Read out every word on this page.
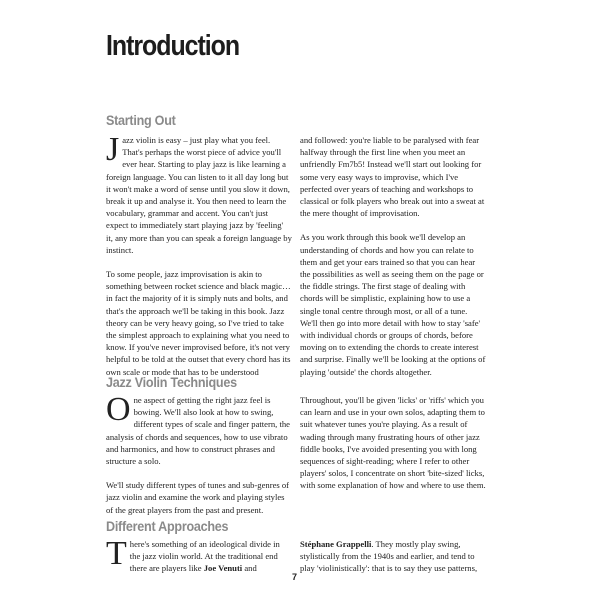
Introduction
Starting Out

Jazz violin is easy – just play what you feel. That's perhaps the worst piece of advice you'll ever hear. Starting to play jazz is like learning a foreign language. You can listen to it all day long but it won't make a word of sense until you slow it down, break it up and analyse it. You then need to learn the vocabulary, grammar and accent. You can't just expect to immediately start playing jazz by 'feeling' it, any more than you can speak a foreign language by instinct.

To some people, jazz improvisation is akin to something between rocket science and black magic… in fact the majority of it is simply nuts and bolts, and that's the approach we'll be taking in this book. Jazz theory can be very heavy going, so I've tried to take the simplest approach to explaining what you need to know. If you've never improvised before, it's not very helpful to be told at the outset that every chord has its own scale or mode that has to be understood

and followed: you're liable to be paralysed with fear halfway through the first line when you meet an unfriendly Fm7b5! Instead we'll start out looking for some very easy ways to improvise, which I've perfected over years of teaching and workshops to classical or folk players who break out into a sweat at the mere thought of improvisation.

As you work through this book we'll develop an understanding of chords and how you can relate to them and get your ears trained so that you can hear the possibilities as well as seeing them on the page or the fiddle strings. The first stage of dealing with chords will be simplistic, explaining how to use a single tonal centre through most, or all of a tune. We'll then go into more detail with how to stay 'safe' with individual chords or groups of chords, before moving on to extending the chords to create interest and surprise. Finally we'll be looking at the options of playing 'outside' the chords altogether.

Jazz Violin Techniques

One aspect of getting the right jazz feel is bowing. We'll also look at how to swing, different types of scale and finger pattern, the analysis of chords and sequences, how to use vibrato and harmonics, and how to construct phrases and structure a solo.

We'll study different types of tunes and sub-genres of jazz violin and examine the work and playing styles of the great players from the past and present.

Throughout, you'll be given 'licks' or 'riffs' which you can learn and use in your own solos, adapting them to suit whatever tunes you're playing. As a result of wading through many frustrating hours of other jazz fiddle books, I've avoided presenting you with long sequences of sight-reading; where I refer to other players' solos, I concentrate on short 'bite-sized' licks, with some explanation of how and where to use them.

Different Approaches

There's something of an ideological divide in the jazz violin world. At the traditional end there are players like Joe Venuti and

Stéphane Grappelli. They mostly play swing, stylistically from the 1940s and earlier, and tend to play 'violinistically': that is to say they use patterns,

7
